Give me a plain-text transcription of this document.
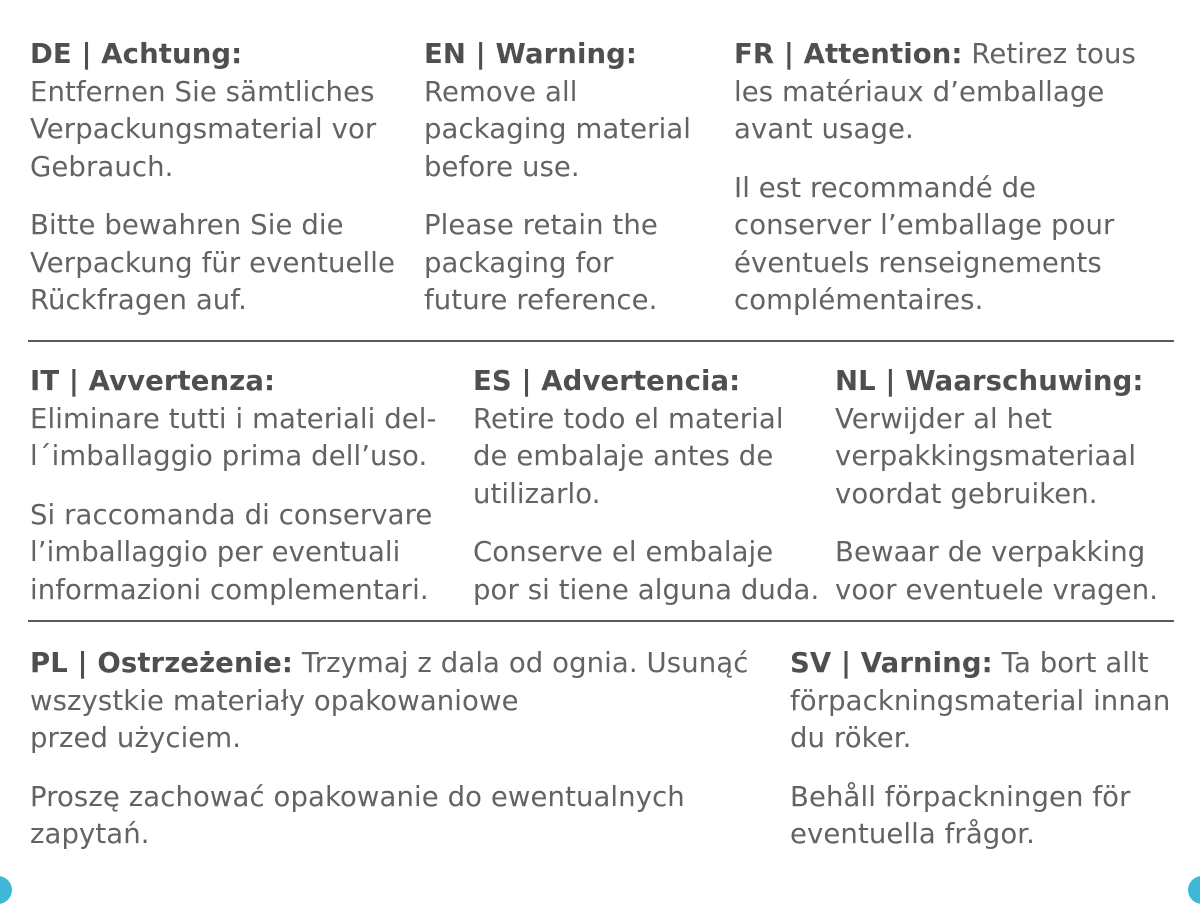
DE | Achtung:
Entfernen Sie sämtliches
Verpackungsmaterial vor
Gebrauch.
Bitte bewahren Sie die
Verpackung für eventuelle
Rückfragen auf.
EN | Warning:
Remove all
packaging material
before use.
Please retain the
packaging for
future reference.
FR | Attention: Retirez tous
les matériaux d’emballage
avant usage.
Il est recommandé de
conserver l’emballage pour
éventuels renseignements
complémentaires.
IT | Avvertenza:
Eliminare tutti i materiali del-
l´imballaggio prima dell’uso.
Si raccomanda di conservare
l’imballaggio per eventuali
informazioni complementari.
ES | Advertencia:
Retire todo el material
de embalaje antes de
utilizarlo.
Conserve el embalaje
por si tiene alguna duda.
NL | Waarschuwing:
Verwijder al het
verpakkingsmateriaal
voordat gebruiken.
Bewaar de verpakking
voor eventuele vragen.
PL | Ostrzeżenie: Trzymaj z dala od ognia. Usunąć
wszystkie materiały opakowaniowe
przed użyciem.
Proszę zachować opakowanie do ewentualnych
zapytań.
SV | Varning: Ta bort allt
förpackningsmaterial innan
du röker.
Behåll förpackningen för
eventuella frågor.
